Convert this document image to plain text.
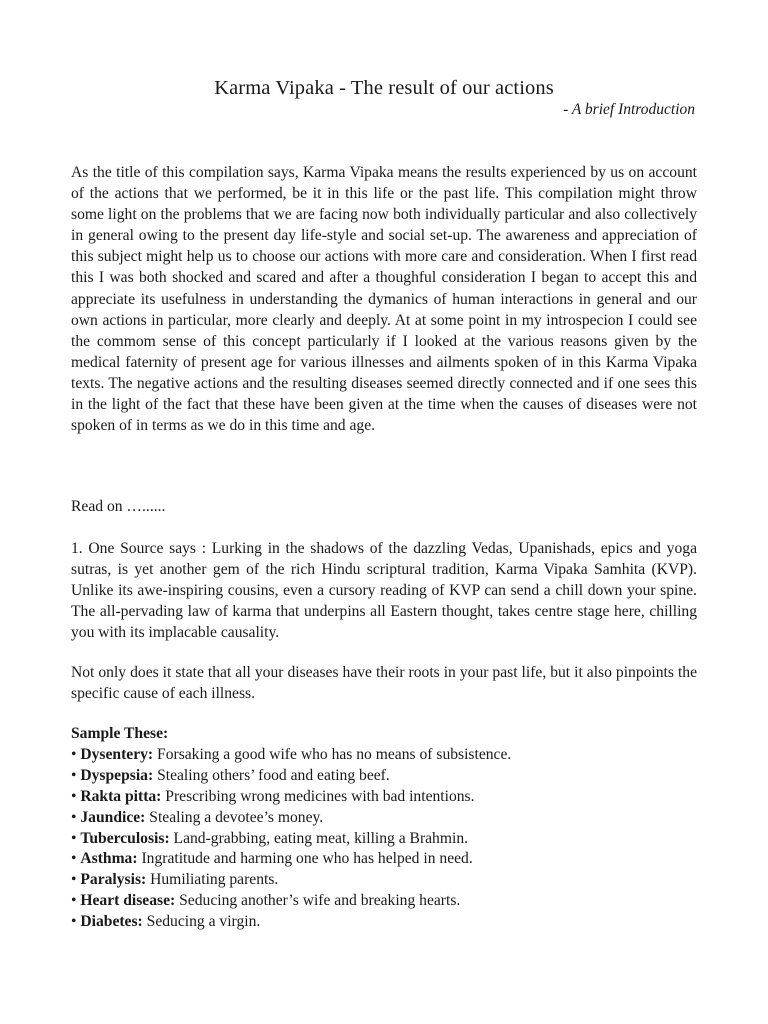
Karma Vipaka - The result of our actions

- A brief Introduction

As the title of this compilation says, Karma Vipaka means the results experienced by us on account of the actions that we performed, be it in this life or the past life. This compilation might throw some light on the problems that we are facing now both individually particular and also collectively in general owing to the present day life-style and social set-up. The awareness and appreciation of this subject might help us to choose our actions with more care and consideration. When I first read this I was both shocked and scared and after a thoughful consideration I began to accept this and appreciate its usefulness in understanding the dymanics of human interactions in general and our own actions in particular, more clearly and deeply. At at some point in my introspecion I could see the commom sense of this concept particularly if I looked at the various reasons given by the medical faternity of present age for various illnesses and ailments spoken of in this Karma Vipaka texts. The negative actions and the resulting diseases seemed directly connected and if one sees this in the light of the fact that these have been given at the time when the causes of diseases were not spoken of in terms as we do in this time and age.

Read on …......

1. One Source says : Lurking in the shadows of the dazzling Vedas, Upanishads, epics and yoga sutras, is yet another gem of the rich Hindu scriptural tradition, Karma Vipaka Samhita (KVP). Unlike its awe-inspiring cousins, even a cursory reading of KVP can send a chill down your spine. The all-pervading law of karma that underpins all Eastern thought, takes centre stage here, chilling you with its implacable causality.

Not only does it state that all your diseases have their roots in your past life, but it also pinpoints the specific cause of each illness.

Sample These:

• Dysentery: Forsaking a good wife who has no means of subsistence.
• Dyspepsia: Stealing others’ food and eating beef.
• Rakta pitta: Prescribing wrong medicines with bad intentions.
• Jaundice: Stealing a devotee’s money.
• Tuberculosis: Land-grabbing, eating meat, killing a Brahmin.
• Asthma: Ingratitude and harming one who has helped in need.
• Paralysis: Humiliating parents.
• Heart disease: Seducing another’s wife and breaking hearts.
• Diabetes: Seducing a virgin.
